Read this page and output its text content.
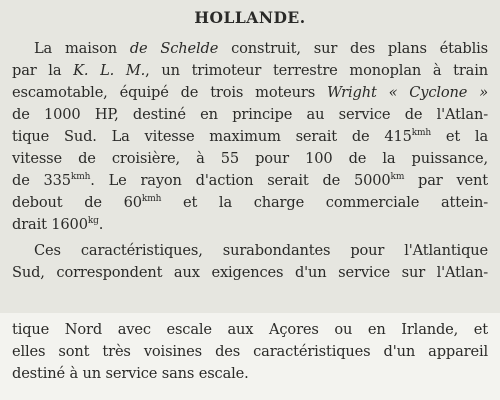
HOLLANDE.
La maison de Schelde construit, sur des plans établis
par la K. L. M., un trimoteur terrestre monoplan à train
escamotable, équipé de trois moteurs Wright « Cyclone »
de 1000 HP, destiné en principe au service de l'Atlan-
tique Sud. La vitesse maximum serait de $415^{kmh}$ et la
vitesse de croisière, à 55 pour 100 de la puissance,
de $335^{kmh}$. Le rayon d'action serait de $5000^{km}$ par vent
debout de $60^{kmh}$ et la charge commerciale attein-
drait $1600^{kg}$.
Ces caractéristiques, surabondantes pour l'Atlantique
Sud, correspondent aux exigences d'un service sur l'Atlan-
tique Nord avec escale aux Açores ou en Irlande, et
elles sont très voisines des caractéristiques d'un appareil
destiné à un service sans escale.
